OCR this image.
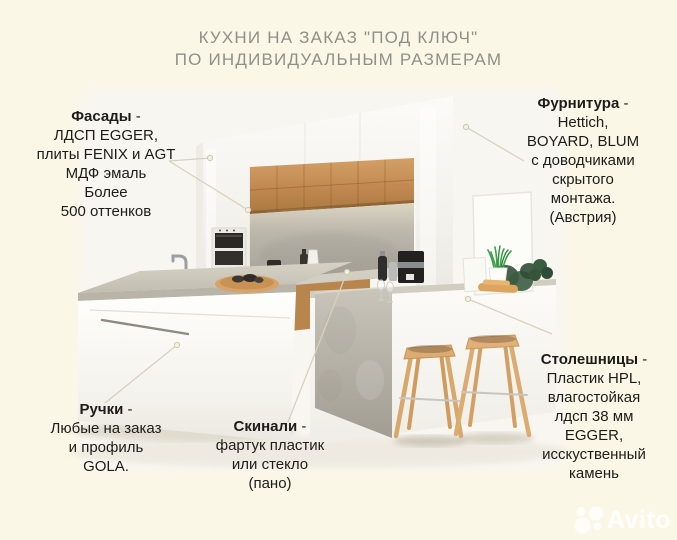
КУХНИ НА ЗАКАЗ "ПОД КЛЮЧ"
ПО ИНДИВИДУАЛЬНЫМ РАЗМЕРАМ
Фасады -
ЛДСП EGGER,
плиты FENIX и AGT
МДФ эмаль
Более
500 оттенков
Фурнитура -
Hettich,
BOYARD, BLUM
с доводчиками
скрытого
монтажа.
(Австрия)
Ручки -
Любые на заказ
и профиль
GOLA.
Скинали -
фартук пластик
или стекло
(пано)
Столешницы -
Пластик HPL,
влагостойкая
лдсп 38 мм
EGGER,
исскуственный
камень
Avito
